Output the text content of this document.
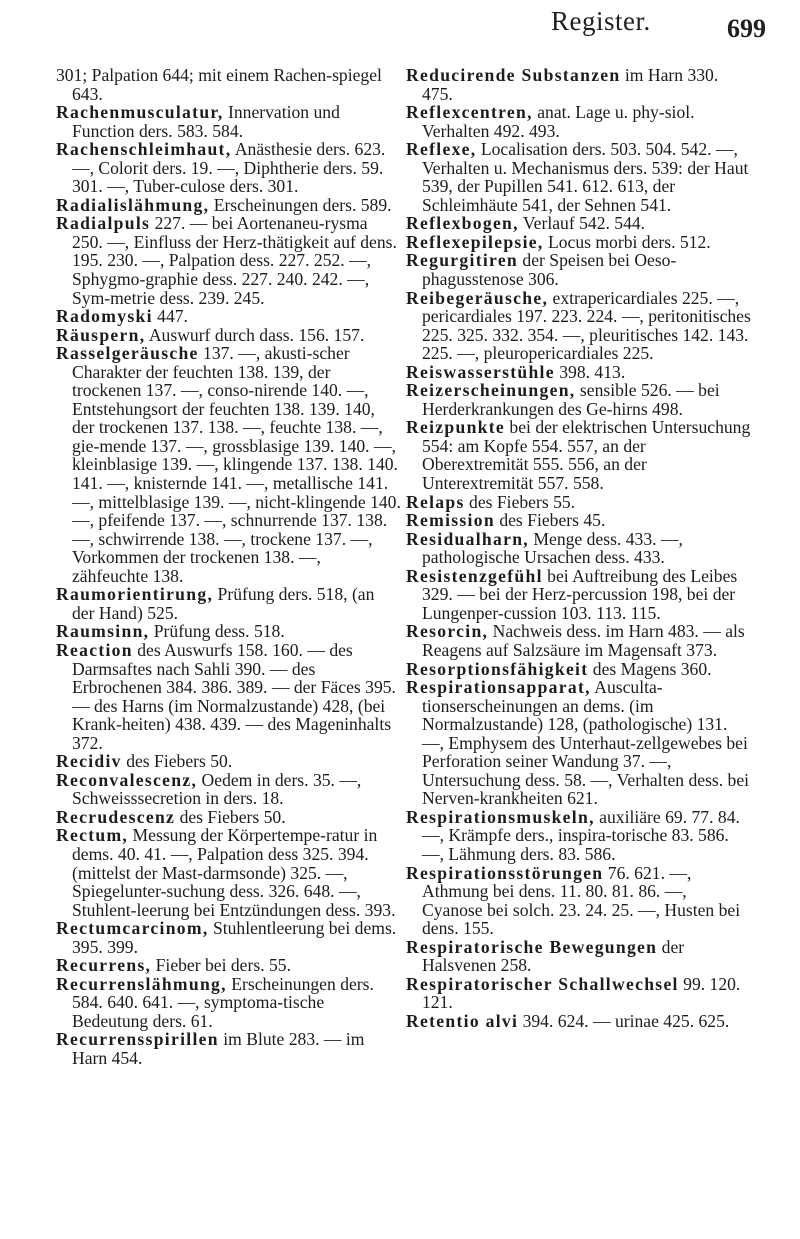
Register.	699

301; Palpation 644; mit einem Rachen-spiegel 643.

Rachenmusculatur, Innervation und Function ders. 583. 584.

Rachenschleimhaut, Anästhesie ders. 623. —, Colorit ders. 19. —, Diphtherie ders. 59. 301. —, Tuber-culose ders. 301.

Radialislähmung, Erscheinungen ders. 589.

Radialpuls 227. — bei Aortenaneu-rysma 250. —, Einfluss der Herz-thätigkeit auf dens. 195. 230. —, Palpation dess. 227. 252. —, Sphygmo-graphie dess. 227. 240. 242. —, Sym-metrie dess. 239. 245.

Radomyski 447.

Räuspern, Auswurf durch dass. 156. 157.

Rasselgeräusche 137. —, akusti-scher Charakter der feuchten 138. 139, der trockenen 137. —, conso-nirende 140. —, Entstehungsort der feuchten 138. 139. 140, der trockenen 137. 138. —, feuchte 138. —, gie-mende 137. —, grossblasige 139. 140. —, kleinblasige 139. —, klingende 137. 138. 140. 141. —, knisternde 141. —, metallische 141. —, mittelblasige 139. —, nicht-klingende 140. —, pfeifende 137. —, schnurrende 137. 138. —, schwirrende 138. —, trockene 137. —, Vorkommen der trockenen 138. —, zähfeuchte 138.

Raumorientirung, Prüfung ders. 518, (an der Hand) 525.

Raumsinn, Prüfung dess. 518.

Reaction des Auswurfs 158. 160. — des Darmsaftes nach Sahli 390. — des Erbrochenen 384. 386. 389. — der Fäces 395. — des Harns (im Normalzustande) 428, (bei Krank-heiten) 438. 439. — des Mageninhalts 372.

Recidiv des Fiebers 50.

Reconvalescenz, Oedem in ders. 35. —, Schweisssecretion in ders. 18.

Recrudescenz des Fiebers 50.

Rectum, Messung der Körpertempe-ratur in dems. 40. 41. —, Palpation dess 325. 394. (mittelst der Mast-darmsonde) 325. —, Spiegelunter-suchung dess. 326. 648. —, Stuhlent-leerung bei Entzündungen dess. 393.

Rectumcarcinom, Stuhlentleerung bei dems. 395. 399.

Recurrens, Fieber bei ders. 55.

Recurrenslähmung, Erscheinungen ders. 584. 640. 641. —, symptoma-tische Bedeutung ders. 61.

Recurrensspirillen im Blute 283. — im Harn 454.

Reducirende Substanzen im Harn 330. 475.

Reflexcentren, anat. Lage u. phy-siol. Verhalten 492. 493.

Reflexe, Localisation ders. 503. 504. 542. —, Verhalten u. Mechanismus ders. 539: der Haut 539, der Pupillen 541. 612. 613, der Schleimhäute 541, der Sehnen 541.

Reflexbogen, Verlauf 542. 544.

Reflexepilepsie, Locus morbi ders. 512.

Regurgitiren der Speisen bei Oeso-phagusstenose 306.

Reibegeräusche, extrapericardiales 225. —, pericardiales 197. 223. 224. —, peritonitisches 225. 325. 332. 354. —, pleuritisches 142. 143. 225. —, pleuropericardiales 225.

Reiswasserstühle 398. 413.

Reizerscheinungen, sensible 526. — bei Herderkrankungen des Ge-hirns 498.

Reizpunkte bei der elektrischen Untersuchung 554: am Kopfe 554. 557, an der Oberextremität 555. 556, an der Unterextremität 557. 558.

Relaps des Fiebers 55.

Remission des Fiebers 45.

Residualharn, Menge dess. 433. —, pathologische Ursachen dess. 433.

Resistenzgefühl bei Auftreibung des Leibes 329. — bei der Herz-percussion 198, bei der Lungenper-cussion 103. 113. 115.

Resorcin, Nachweis dess. im Harn 483. — als Reagens auf Salzsäure im Magensaft 373.

Resorptionsfähigkeit des Magens 360.

Respirationsapparat, Ausculta-tionserscheinungen an dems. (im Normalzustande) 128, (pathologische) 131. —, Emphysem des Unterhaut-zellgewebes bei Perforation seiner Wandung 37. —, Untersuchung dess. 58. —, Verhalten dess. bei Nerven-krankheiten 621.

Respirationsmuskeln, auxiliäre 69. 77. 84. —, Krämpfe ders., inspira-torische 83. 586. —, Lähmung ders. 83. 586.

Respirationsstörungen 76. 621. —, Athmung bei dens. 11. 80. 81. 86. —, Cyanose bei solch. 23. 24. 25. —, Husten bei dens. 155.

Respiratorische Bewegungen der Halsvenen 258.

Respiratorischer Schallwechsel 99. 120. 121.

Retentio alvi 394. 624. — urinae 425. 625.
